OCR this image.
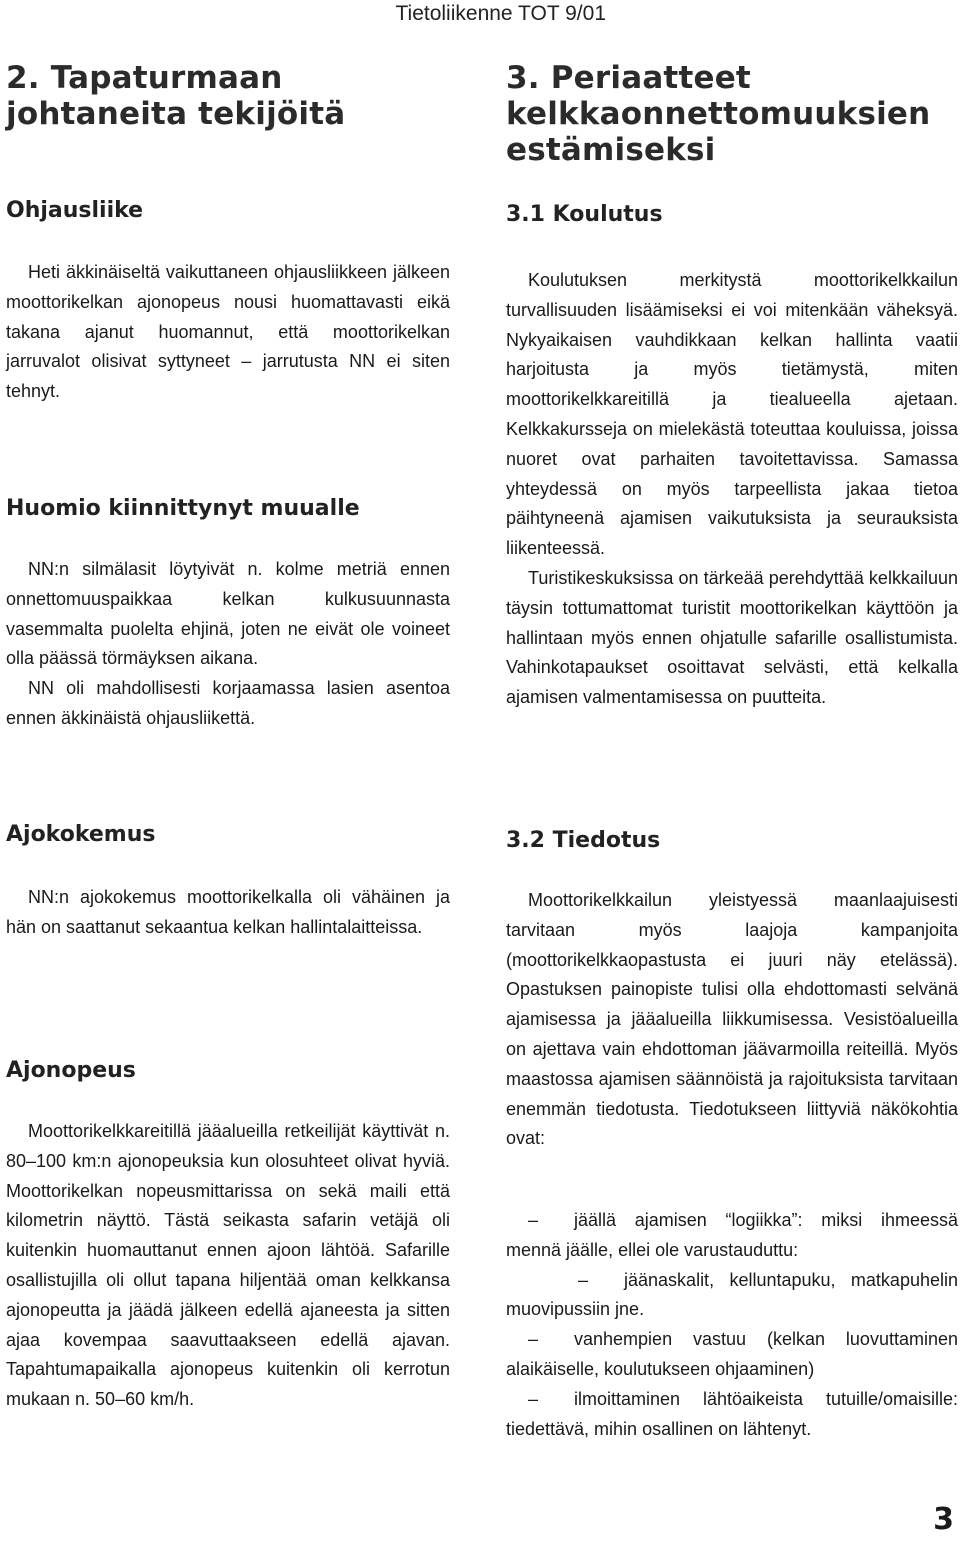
Tietoliikenne TOT 9/01
2. Tapaturmaan
johtaneita tekijöitä
Ohjausliike

Heti äkkinäiseltä vaikuttaneen ohjausliikkeen jälkeen moottorikelkan ajonopeus nousi huomattavasti eikä takana ajanut huomannut, että moottorikelkan jarruvalot olisivat syttyneet – jarrutusta NN ei siten tehnyt.

Huomio kiinnittynyt muualle

NN:n silmälasit löytyivät n. kolme metriä ennen onnettomuuspaikkaa kelkan kulkusuunnasta vasemmalta puolelta ehjinä, joten ne eivät ole voineet olla päässä törmäyksen aikana.

NN oli mahdollisesti korjaamassa lasien asentoa ennen äkkinäistä ohjausliikettä.

Ajokokemus

NN:n ajokokemus moottorikelkalla oli vähäinen ja hän on saattanut sekaantua kelkan hallintalaitteissa.

Ajonopeus

Moottorikelkkareitillä jääalueilla retkeilijät käyttivät n. 80–100 km:n ajonopeuksia kun olosuhteet olivat hyviä. Moottorikelkan nopeusmittarissa on sekä maili että kilometrin näyttö. Tästä seikasta safarin vetäjä oli kuitenkin huomauttanut ennen ajoon lähtöä. Safarille osallistujilla oli ollut tapana hiljentää oman kelkkansa ajonopeutta ja jäädä jälkeen edellä ajaneesta ja sitten ajaa kovempaa saavuttaakseen edellä ajavan. Tapahtumapaikalla ajonopeus kuitenkin oli kerrotun mukaan n. 50–60 km/h.

3. Periaatteet
kelkkaonnettomuuksien
estämiseksi
3.1 Koulutus

Koulutuksen merkitystä moottorikelkkailun turvallisuuden lisäämiseksi ei voi mitenkään väheksyä. Nykyaikaisen vauhdikkaan kelkan hallinta vaatii harjoitusta ja myös tietämystä, miten moottorikelkkareitillä ja tiealueella ajetaan. Kelkkakursseja on mielekästä toteuttaa kouluissa, joissa nuoret ovat parhaiten tavoitettavissa. Samassa yhteydessä on myös tarpeellista jakaa tietoa päihtyneenä ajamisen vaikutuksista ja seurauksista liikenteessä.

Turistikeskuksissa on tärkeää perehdyttää kelkkailuun täysin tottumattomat turistit moottorikelkan käyttöön ja hallintaan myös ennen ohjatulle safarille osallistumista. Vahinkotapaukset osoittavat selvästi, että kelkalla ajamisen valmentamisessa on puutteita.

3.2 Tiedotus

Moottorikelkkailun yleistyessä maanlaajuisesti tarvitaan myös laajoja kampanjoita (moottorikelkkaopastusta ei juuri näy etelässä). Opastuksen painopiste tulisi olla ehdottomasti selvänä ajamisessa ja jääalueilla liikkumisessa. Vesistöalueilla on ajettava vain ehdottoman jäävarmoilla reiteillä. Myös maastossa ajamisen säännöistä ja rajoituksista tarvitaan enemmän tiedotusta. Tiedotukseen liittyviä näkökohtia ovat:

–  jäällä ajamisen “logiikka”: miksi ihmeessä mennä jäälle, ellei ole varustauduttu:

–  jäänaskalit, kelluntapuku, matkapuhelin muovipussiin jne.

–  vanhempien vastuu (kelkan luovuttaminen alaikäiselle, koulutukseen ohjaaminen)

–  ilmoittaminen lähtöaikeista tutuille/omaisille: tiedettävä, mihin osallinen on lähtenyt.

3
